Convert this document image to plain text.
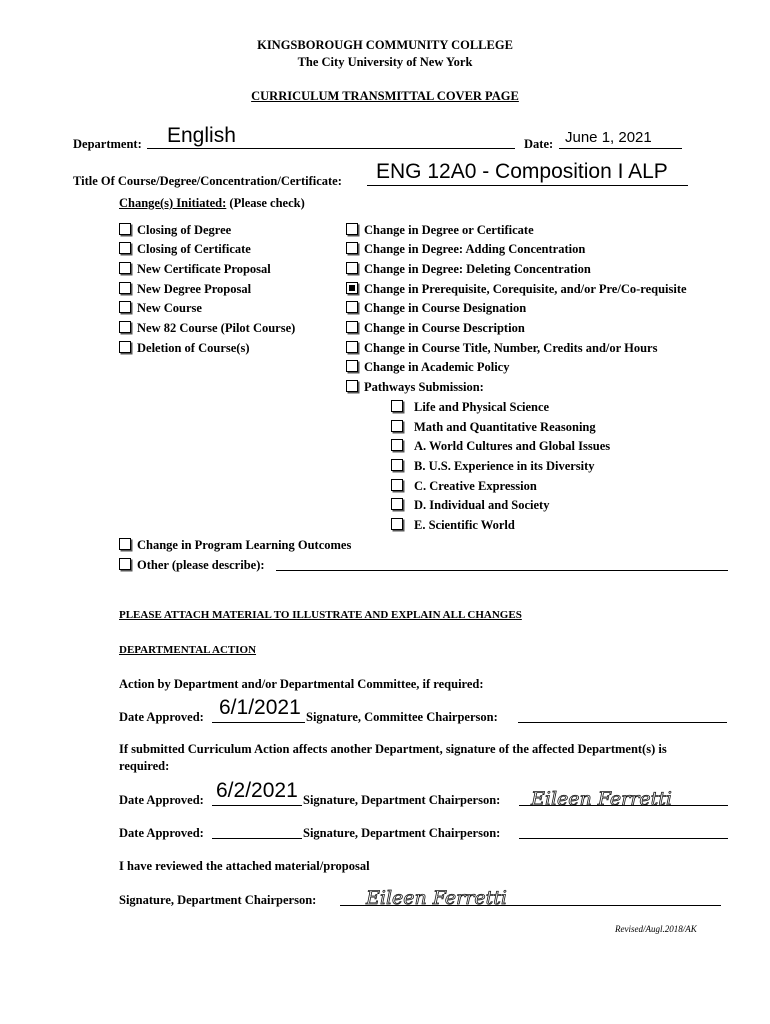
KINGSBOROUGH COMMUNITY COLLEGE
The City University of New York
CURRICULUM TRANSMITTAL COVER PAGE
Department: English	Date: June 1, 2021
Title Of Course/Degree/Concentration/Certificate: ENG 12A0 - Composition I ALP
Change(s) Initiated: (Please check)
Closing of Degree
Closing of Certificate
New Certificate Proposal
New Degree Proposal
New Course
New 82 Course (Pilot Course)
Deletion of Course(s)
Change in Degree or Certificate
Change in Degree: Adding Concentration
Change in Degree: Deleting Concentration
Change in Prerequisite, Corequisite, and/or Pre/Co-requisite
Change in Course Designation
Change in Course Description
Change in Course Title, Number, Credits and/or Hours
Change in Academic Policy
Pathways Submission:
Life and Physical Science
Math and Quantitative Reasoning
A. World Cultures and Global Issues
B. U.S. Experience in its Diversity
C. Creative Expression
D. Individual and Society
E. Scientific World
Change in Program Learning Outcomes
Other (please describe):
PLEASE ATTACH MATERIAL TO ILLUSTRATE AND EXPLAIN ALL CHANGES
DEPARTMENTAL ACTION
Action by Department and/or Departmental Committee, if required:
Date Approved: 6/1/2021 Signature, Committee Chairperson:
If submitted Curriculum Action affects another Department, signature of the affected Department(s) is
required:
Date Approved: 6/2/2021 Signature, Department Chairperson: Eileen Ferretti
Date Approved:	Signature, Department Chairperson:
I have reviewed the attached material/proposal
Signature, Department Chairperson:	Eileen Ferretti
Revised/Augl.2018/AK
